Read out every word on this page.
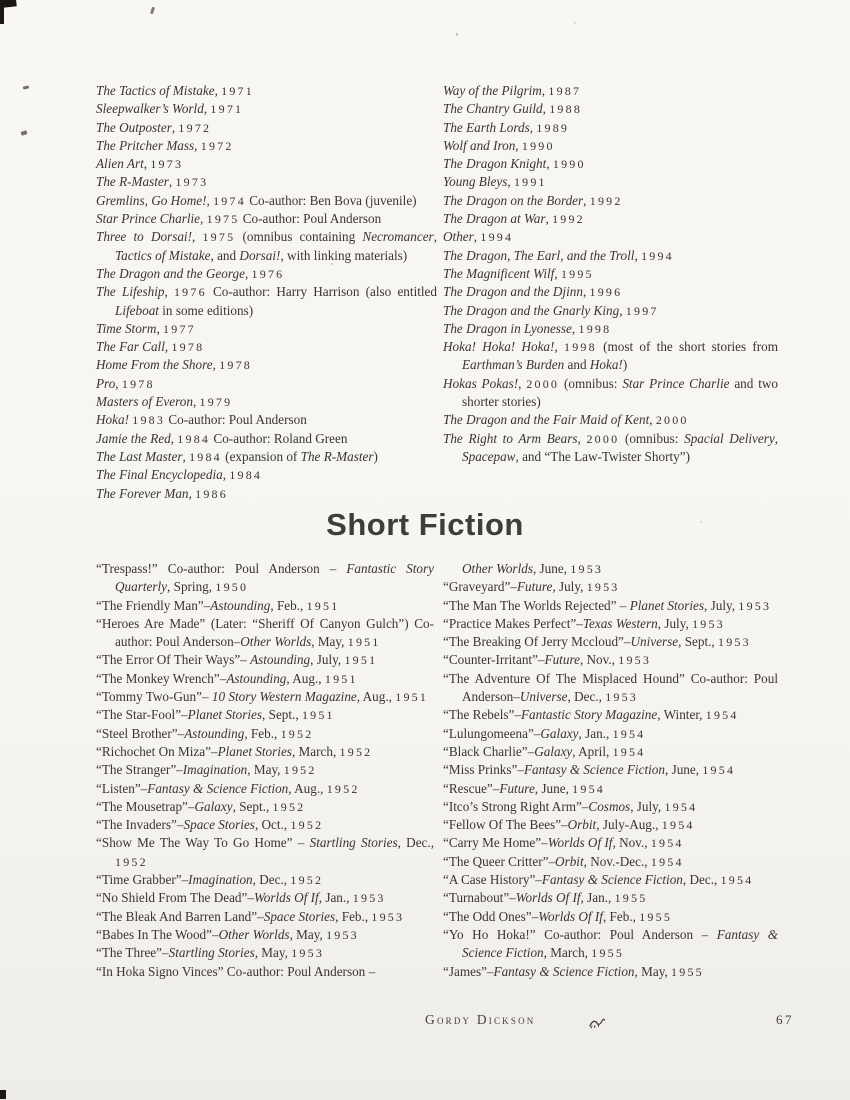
The Tactics of Mistake, 1971

Sleepwalker’s World, 1971

The Outposter, 1972

The Pritcher Mass, 1972

Alien Art, 1973

The R-Master, 1973

Gremlins, Go Home!, 1974 Co-author: Ben Bova (juvenile)

Star Prince Charlie, 1975 Co-author: Poul Anderson

Three to Dorsai!, 1975 (omnibus containing Necromancer, Tactics of Mistake, and Dorsai!, with linking materials)

The Dragon and the George, 1976

The Lifeship, 1976 Co-author: Harry Harrison (also entitled Lifeboat in some editions)

Time Storm, 1977

The Far Call, 1978

Home From the Shore, 1978

Pro, 1978

Masters of Everon, 1979

Hoka! 1983 Co-author: Poul Anderson

Jamie the Red, 1984 Co-author: Roland Green

The Last Master, 1984 (expansion of The R-Master)

The Final Encyclopedia, 1984

The Forever Man, 1986

Way of the Pilgrim, 1987

The Chantry Guild, 1988

The Earth Lords, 1989

Wolf and Iron, 1990

The Dragon Knight, 1990

Young Bleys, 1991

The Dragon on the Border, 1992

The Dragon at War, 1992

Other, 1994

The Dragon, The Earl, and the Troll, 1994

The Magnificent Wilf, 1995

The Dragon and the Djinn, 1996

The Dragon and the Gnarly King, 1997

The Dragon in Lyonesse, 1998

Hoka! Hoka! Hoka!, 1998 (most of the short stories from Earthman’s Burden and Hoka!)

Hokas Pokas!, 2000 (omnibus: Star Prince Charlie and two shorter stories)

The Dragon and the Fair Maid of Kent, 2000

The Right to Arm Bears, 2000 (omnibus: Spacial Delivery, Spacepaw, and “The Law-Twister Shorty”)

Short Fiction

“Trespass!” Co-author: Poul Anderson – Fantastic Story Quarterly, Spring, 1950

“The Friendly Man”–Astounding, Feb., 1951

“Heroes Are Made” (Later: “Sheriff Of Canyon Gulch”) Co-author: Poul Anderson–Other Worlds, May, 1951

“The Error Of Their Ways”– Astounding, July, 1951

“The Monkey Wrench”–Astounding, Aug., 1951

“Tommy Two-Gun”– 10 Story Western Magazine, Aug., 1951

“The Star-Fool”–Planet Stories, Sept., 1951

“Steel Brother”–Astounding, Feb., 1952

“Richochet On Miza”–Planet Stories, March, 1952

“The Stranger”–Imagination, May, 1952

“Listen”–Fantasy & Science Fiction, Aug., 1952

“The Mousetrap”–Galaxy, Sept., 1952

“The Invaders”–Space Stories, Oct., 1952

“Show Me The Way To Go Home” – Startling Stories, Dec., 1952

“Time Grabber”–Imagination, Dec., 1952

“No Shield From The Dead”–Worlds Of If, Jan., 1953

“The Bleak And Barren Land”–Space Stories, Feb., 1953

“Babes In The Wood”–Other Worlds, May, 1953

“The Three”–Startling Stories, May, 1953

“In Hoka Signo Vinces” Co-author: Poul Anderson –

Other Worlds, June, 1953

“Graveyard”–Future, July, 1953

“The Man The Worlds Rejected” – Planet Stories, July, 1953

“Practice Makes Perfect”–Texas Western, July, 1953

“The Breaking Of Jerry Mccloud”–Universe, Sept., 1953

“Counter-Irritant”–Future, Nov., 1953

“The Adventure Of The Misplaced Hound” Co-author: Poul Anderson–Universe, Dec., 1953

“The Rebels”–Fantastic Story Magazine, Winter, 1954

“Lulungomeena”–Galaxy, Jan., 1954

“Black Charlie”–Galaxy, April, 1954

“Miss Prinks”–Fantasy & Science Fiction, June, 1954

“Rescue”–Future, June, 1954

“Itco’s Strong Right Arm”–Cosmos, July, 1954

“Fellow Of The Bees”–Orbit, July-Aug., 1954

“Carry Me Home”–Worlds Of If, Nov., 1954

“The Queer Critter”–Orbit, Nov.-Dec., 1954

“A Case History”–Fantasy & Science Fiction, Dec., 1954

“Turnabout”–Worlds Of If, Jan., 1955

“The Odd Ones”–Worlds Of If, Feb., 1955

“Yo Ho Hoka!” Co-author: Poul Anderson – Fantasy & Science Fiction, March, 1955

“James”–Fantasy & Science Fiction, May, 1955

Gordy Dickson	67
